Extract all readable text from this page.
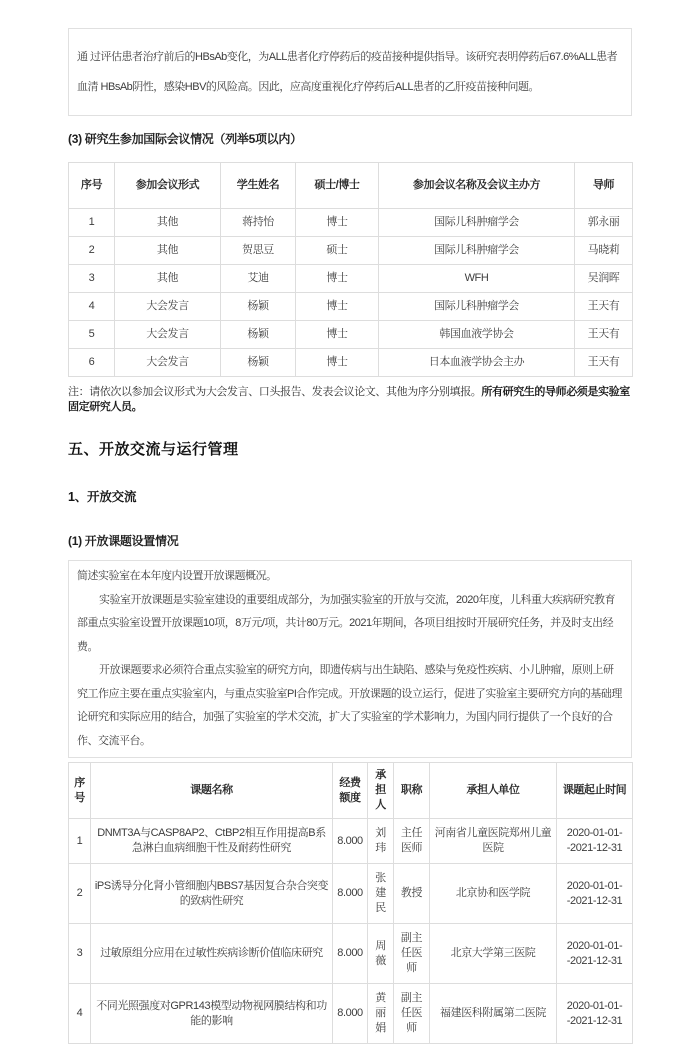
通 过评估患者治疗前后的HBsAb变化，为ALL患者化疗停药后的疫苗接种提供指导。该研究表明停药后67.6%ALL患者血清 HBsAb阴性，感染HBV的风险高。因此，应高度重视化疗停药后ALL患者的乙肝疫苗接种问题。

(3) 研究生参加国际会议情况（列举5项以内）
序号	参加会议形式	学生姓名	硕士/博士	参加会议名称及会议主办方	导师
1	其他	蒋持怡	博士	国际儿科肿瘤学会	郭永丽
2	其他	贺思豆	硕士	国际儿科肿瘤学会	马晓莉
3	其他	艾迪	博士	WFH	吴润晖
4	大会发言	杨颖	博士	国际儿科肿瘤学会	王天有
5	大会发言	杨颖	博士	韩国血液学协会	王天有
6	大会发言	杨颖	博士	日本血液学协会主办	王天有

注：请依次以参加会议形式为大会发言、口头报告、发表会议论文、其他为序分别填报。所有研究生的导师必须是实验室固定研究人员。

五、开放交流与运行管理
1、开放交流
(1) 开放课题设置情况

简述实验室在本年度内设置开放课题概况。

实验室开放课题是实验室建设的重要组成部分，为加强实验室的开放与交流，2020年度，儿科重大疾病研究教育部重点实验室设置开放课题10项，8万元/项，共计80万元。2021年期间，各项目组按时开展研究任务，并及时支出经费。

开放课题要求必须符合重点实验室的研究方向，即遗传病与出生缺陷、感染与免疫性疾病、小儿肿瘤，原则上研究工作应主要在重点实验室内，与重点实验室PI合作完成。开放课题的设立运行，促进了实验室主要研究方向的基础理论研究和实际应用的结合，加强了实验室的学术交流，扩大了实验室的学术影响力，为国内同行提供了一个良好的合作、交流平台。

序号	课题名称	经费额度	承担人	职称	承担人单位	课题起止时间
1	DNMT3A与CASP8AP2、CtBP2相互作用提高B系急淋白血病细胞干性及耐药性研究	8.000	刘玮	主任医师	河南省儿童医院郑州儿童医院	2020-01-01-
-2021-12-31

2	iPS诱导分化肾小管细胞内BBS7基因复合杂合突变的致病性研究	8.000	张建民	教授	北京协和医学院	2020-01-01-
-2021-12-31

3	过敏原组分应用在过敏性疾病诊断价值临床研究	8.000	周薇	副主任医师	北京大学第三医院	2020-01-01-
-2021-12-31

4	不同光照强度对GPR143模型动物视网膜结构和功能的影响	8.000	黄丽娟	副主任医师	福建医科附属第二医院	2020-01-01-
-2021-12-31
